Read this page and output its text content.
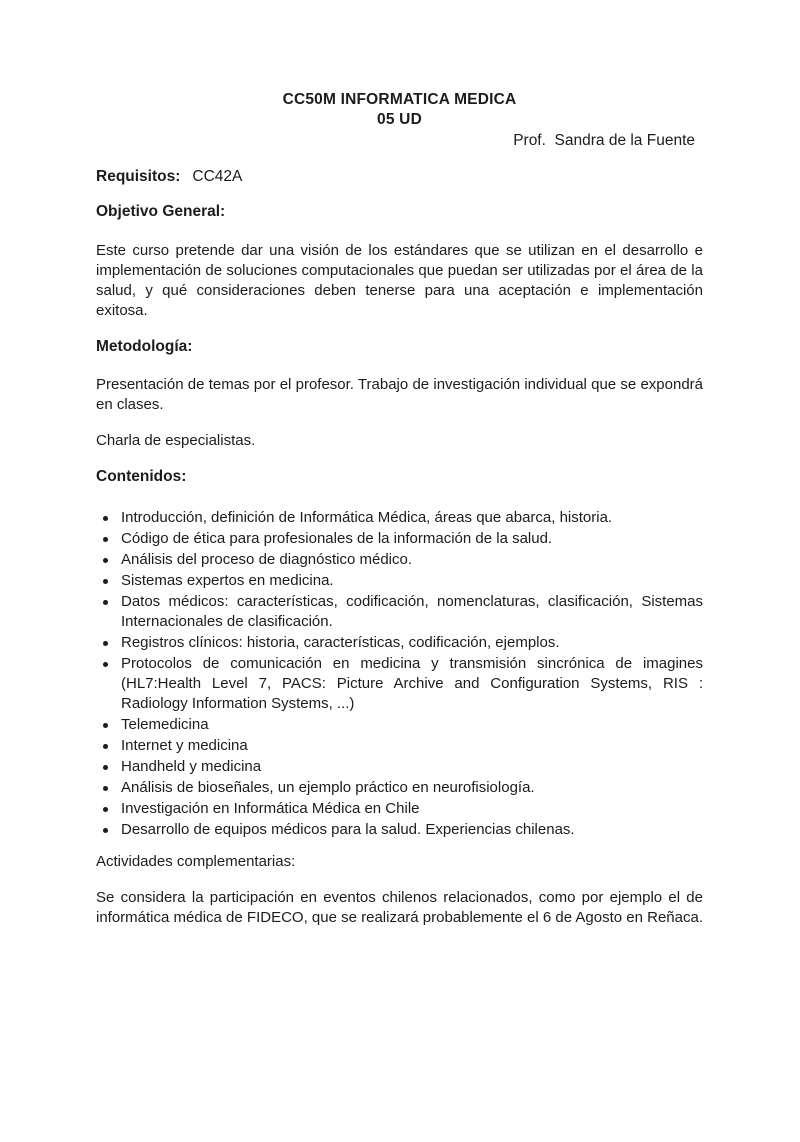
CC50M INFORMATICA MEDICA
05 UD
Prof.  Sandra de la Fuente
Requisitos: CC42A
Objetivo General:

Este curso pretende dar una visión de los estándares que se utilizan en el desarrollo e implementación de soluciones computacionales que puedan ser utilizadas por el área de la salud, y qué consideraciones deben tenerse para una aceptación e implementación exitosa.

Metodología:

Presentación de temas por el profesor. Trabajo de investigación individual que se expondrá en clases.

Charla de especialistas.

Contenidos:
Introducción, definición de Informática Médica, áreas que abarca, historia.
Código de ética para profesionales de la información de la salud.
Análisis del proceso de diagnóstico médico.
Sistemas expertos en medicina.
Datos médicos: características, codificación, nomenclaturas, clasificación, Sistemas Internacionales de clasificación.
Registros clínicos: historia, características, codificación, ejemplos.
Protocolos de comunicación en medicina y transmisión sincrónica de imagines (HL7:Health Level 7, PACS: Picture Archive and Configuration Systems, RIS : Radiology Information Systems, ...)
Telemedicina
Internet y medicina
Handheld y medicina
Análisis de bioseñales, un ejemplo práctico en neurofisiología.
Investigación en Informática Médica en Chile
Desarrollo de equipos médicos para la salud. Experiencias chilenas.
Actividades complementarias:

Se considera la participación en eventos chilenos relacionados, como por ejemplo el de informática médica de FIDECO, que se realizará probablemente el 6 de Agosto en Reñaca.
